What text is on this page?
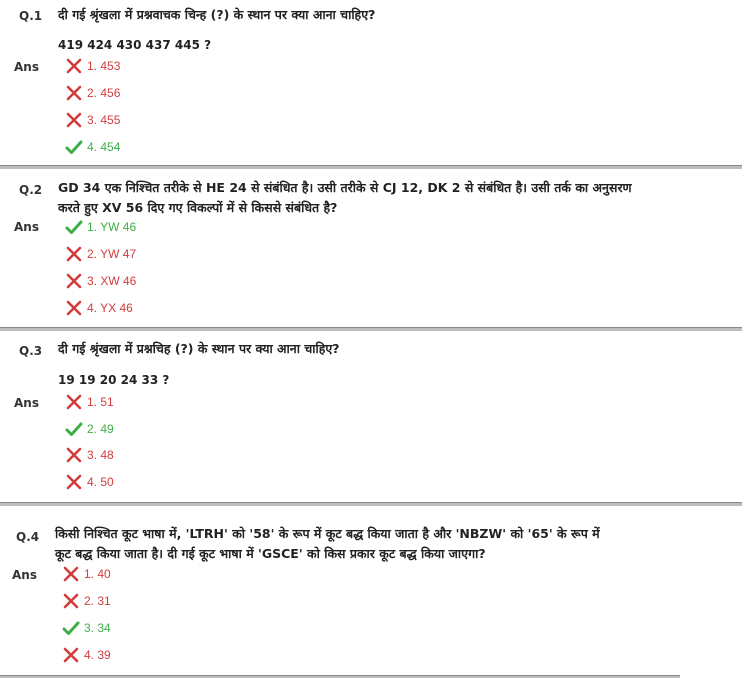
Q.1 दी गई श्रृंखला में प्रश्नवाचक चिन्ह (?) के स्थान पर क्या आना चाहिए?
419 424 430 437 445 ?
Ans	1. 453
2. 456
3. 455
4. 454
Q.2 GD 34 एक निश्चित तरीके से HE 24 से संबंधित है। उसी तरीके से CJ 12, DK 2 से संबंधित है। उसी तर्क का अनुसरण करते हुए XV 56 दिए गए विकल्पों में से किससे संबंधित है?
Ans	1. YW 46
2. YW 47
3. XW 46
4. YX 46
Q.3 दी गई श्रृंखला में प्रश्नचिह (?) के स्थान पर क्या आना चाहिए?
19 19 20 24 33 ?
Ans	1. 51
2. 49
3. 48
4. 50
Q.4 किसी निश्चित कूट भाषा में, 'LTRH' को '58' के रूप में कूट बद्ध किया जाता है और 'NBZW' को '65' के रूप में कूट बद्ध किया जाता है। दी गई कूट भाषा में 'GSCE' को किस प्रकार कूट बद्ध किया जाएगा?
Ans	1. 40
2. 31
3. 34
4. 39
